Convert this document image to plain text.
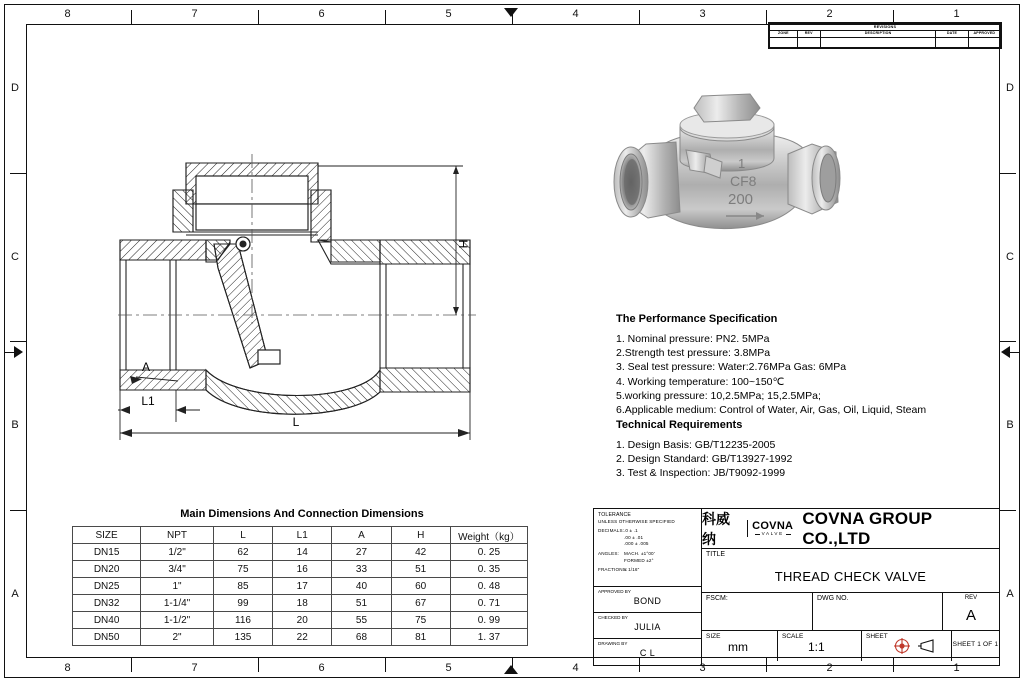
8	7	6	5	4	3	2	1
8	7	6	5	4	3	2	1
D
C
B
A
D
C
B
A
REVISIONS				
ZONE	REV	DESCRIPTION	DATE	APPROVED

H
A
L1
L
1
CF8
200
The Performance Specification
1. Nominal pressure: PN2. 5MPa
2.Strength test pressure: 3.8MPa
3. Seal test pressure: Water:2.76MPa Gas: 6MPa
4. Working temperature: 100~150℃
5.working pressure: 10,2.5MPa; 15,2.5MPa;
6.Applicable medium: Control of Water, Air, Gas, Oil, Liquid, Steam
Technical Requirements
1. Design Basis: GB/T12235-2005
2. Design Standard: GB/T13927-1992
3. Test & Inspection: JB/T9092-1999
Main Dimensions And Connection Dimensions
SIZE	NPT	L	L1	A	H	Weight（kg）
DN15	1/2"	62	14	27	42	0. 25
DN20	3/4"	75	16	33	51	0. 35
DN25	1"	85	17	40	60	0. 48
DN32	1-1/4"	99	18	51	67	0. 71
DN40	1-1/2"	116	20	55	75	0. 99
DN50	2"	135	22	68	81	1. 37
TOLERANCE
UNLESS OTHERWISE SPECIFIED
DECIMALS: .0 ± .1
.00 ± .01
.000 ± .005
ANGLES:	MACH. ±1°00'
FORMED ±2°
FRACTIONS:
± 1/16"
APPROVED BY
BOND
CHECKED BY
JULIA
DRAWING BY
C L
科威纳
COVNA
VALVE
COVNA GROUP CO.,LTD
TITLE
THREAD CHECK VALVE
FSCM:	DWG NO.	REV
A
SIZE
mm
SCALE
1:1
SHEET
SHEET 1 OF 1
